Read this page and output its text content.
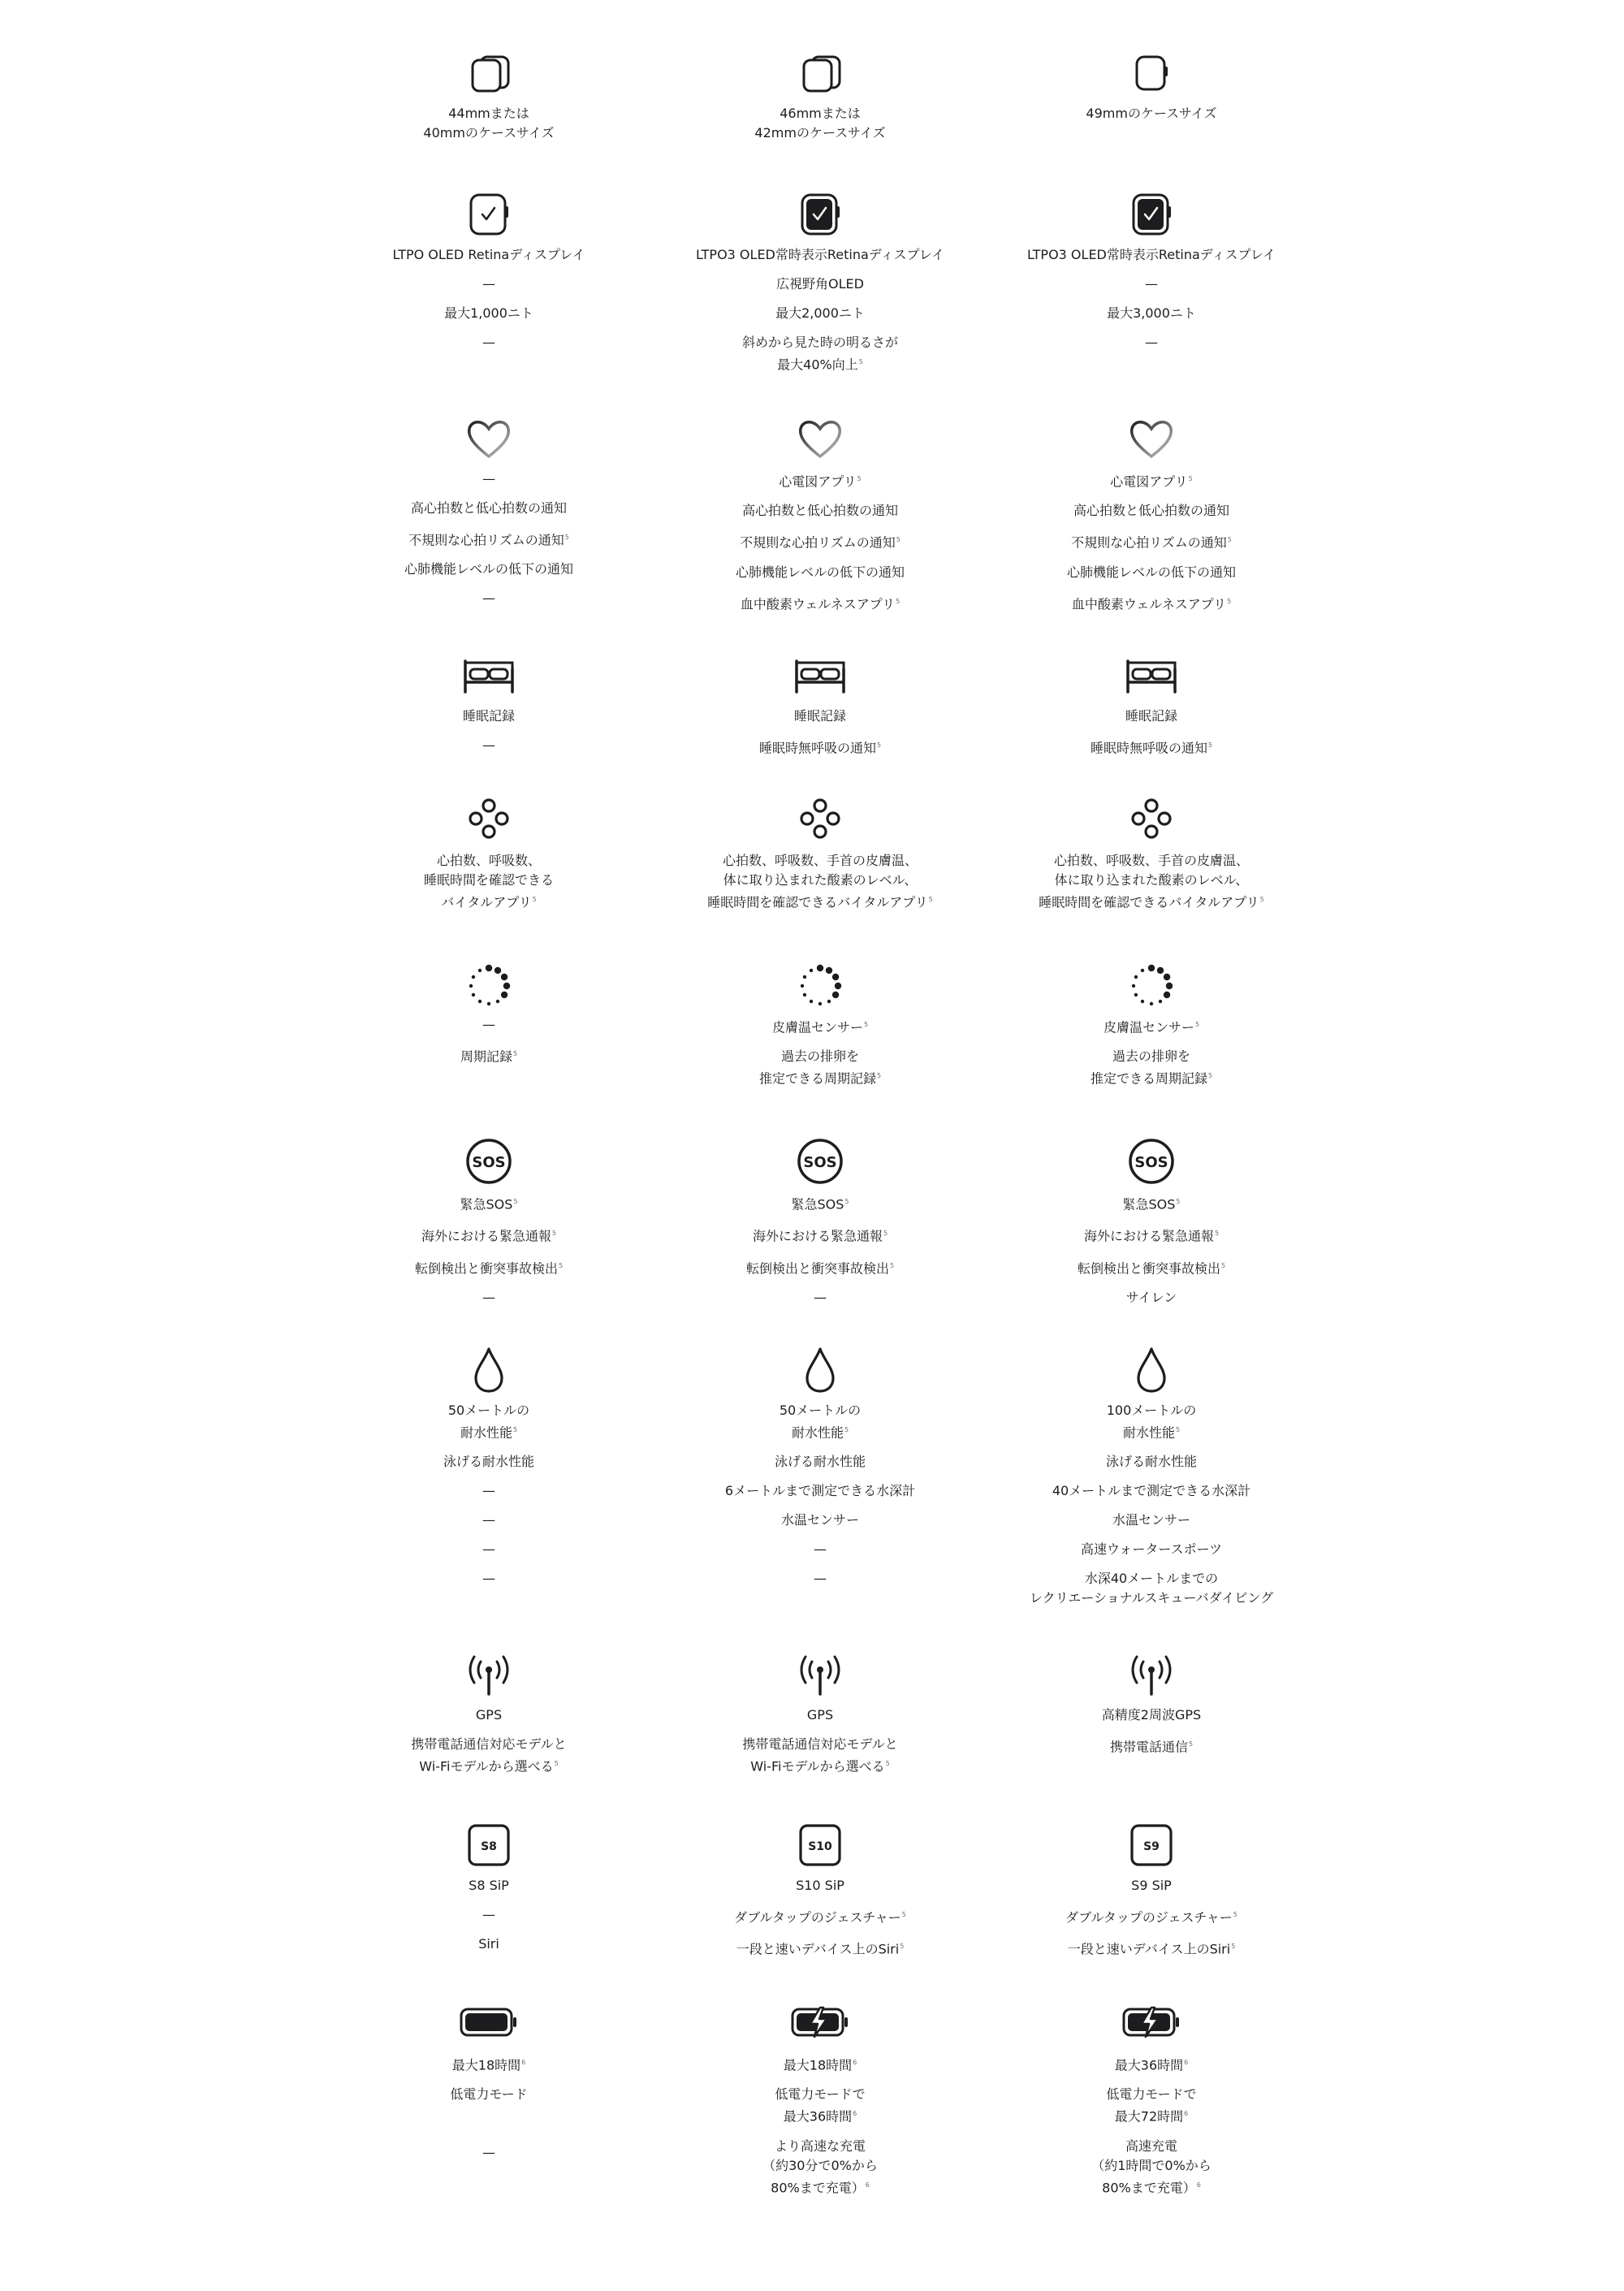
44mmまたは
40mmのケースサイズ
LTPO OLED Retinaディスプレイ
—
最大1,000ニト
—
—
高心拍数と低心拍数の通知
不規則な心拍リズムの通知$^5$
心肺機能レベルの低下の通知
—
睡眠記録
—
心拍数、呼吸数、
睡眠時間を確認できる
バイタルアプリ$^5$
—
周期記録$^5$
SOS
緊急SOS$^5$
海外における緊急通報$^5$
転倒検出と衝突事故検出$^5$
—
50メートルの
耐水性能$^5$
泳げる耐水性能
—
—
—
—
GPS
携帯電話通信対応モデルと
Wi-Fiモデルから選べる$^5$
S8
S8 SiP
—
Siri
最大18時間$^6$
低電力モード
—
46mmまたは
42mmのケースサイズ
LTPO3 OLED常時表示Retinaディスプレイ
広視野角OLED
最大2,000ニト
斜めから見た時の明るさが
最大40%向上$^5$
心電図アプリ$^5$
高心拍数と低心拍数の通知
不規則な心拍リズムの通知$^5$
心肺機能レベルの低下の通知
血中酸素ウェルネスアプリ$^5$
睡眠記録
睡眠時無呼吸の通知$^5$
心拍数、呼吸数、手首の皮膚温、
体に取り込まれた酸素のレベル、
睡眠時間を確認できるバイタルアプリ$^5$
皮膚温センサー$^5$
過去の排卵を
推定できる周期記録$^5$
SOS
緊急SOS$^5$
海外における緊急通報$^5$
転倒検出と衝突事故検出$^5$
—
50メートルの
耐水性能$^5$
泳げる耐水性能
6メートルまで測定できる水深計
水温センサー
—
—
GPS
携帯電話通信対応モデルと
Wi-Fiモデルから選べる$^5$
S10
S10 SiP
ダブルタップのジェスチャー$^5$
一段と速いデバイス上のSiri$^5$
最大18時間$^6$
低電力モードで
最大36時間$^6$
より高速な充電
（約30分で0%から
80%まで充電）$^6$
49mmのケースサイズ
LTPO3 OLED常時表示Retinaディスプレイ
—
最大3,000ニト
—
心電図アプリ$^5$
高心拍数と低心拍数の通知
不規則な心拍リズムの通知$^5$
心肺機能レベルの低下の通知
血中酸素ウェルネスアプリ$^5$
睡眠記録
睡眠時無呼吸の通知$^5$
心拍数、呼吸数、手首の皮膚温、
体に取り込まれた酸素のレベル、
睡眠時間を確認できるバイタルアプリ$^5$
皮膚温センサー$^5$
過去の排卵を
推定できる周期記録$^5$
SOS
緊急SOS$^5$
海外における緊急通報$^5$
転倒検出と衝突事故検出$^5$
サイレン
100メートルの
耐水性能$^5$
泳げる耐水性能
40メートルまで測定できる水深計
水温センサー
高速ウォータースポーツ
水深40メートルまでの
レクリエーショナルスキューバダイビング
高精度2周波GPS
携帯電話通信$^5$
S9
S9 SiP
ダブルタップのジェスチャー$^5$
一段と速いデバイス上のSiri$^5$
最大36時間$^6$
低電力モードで
最大72時間$^6$
高速充電
（約1時間で0%から
80%まで充電）$^6$
